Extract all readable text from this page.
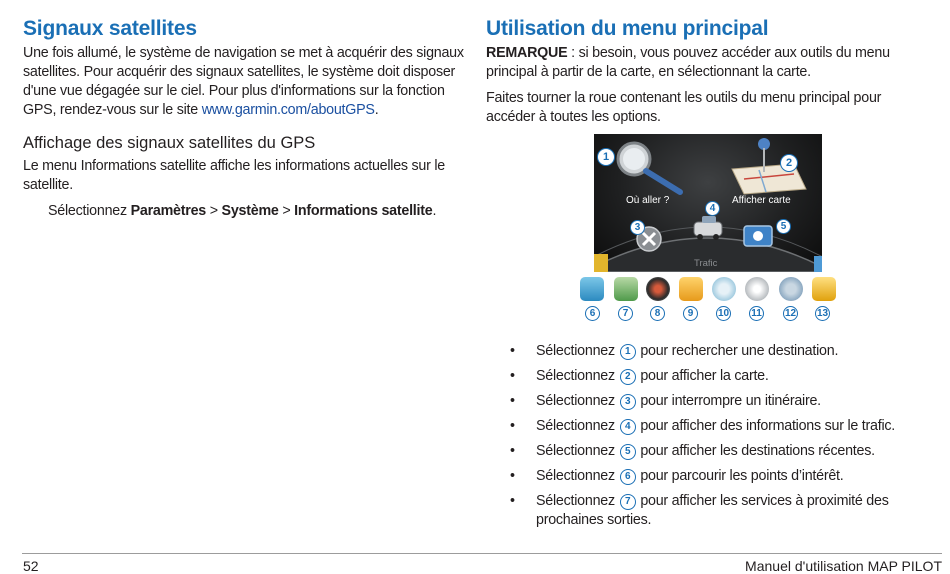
Signaux satellites

Une fois allumé, le système de navigation se met à acquérir des signaux satellites. Pour acquérir des signaux satellites, le système doit disposer d'une vue dégagée sur le ciel. Pour plus d'informations sur la fonction GPS, rendez-vous sur le site www.garmin.com/aboutGPS.

Affichage des signaux satellites du GPS

Le menu Informations satellite affiche les informations actuelles sur le satellite.

Sélectionnez Paramètres > Système > Informations satellite.

Utilisation du menu principal

REMARQUE : si besoin, vous pouvez accéder aux outils du menu principal à partir de la carte, en sélectionnant la carte.

Faites tourner la roue contenant les outils du menu principal pour accéder à toutes les options.

Où aller ?	Afficher carte
Trafic
1	2
3
4
5
6	7	8	9	10 11 12 13
• Sélectionnez 1 pour rechercher une destination.
• Sélectionnez 2 pour afficher la carte.
• Sélectionnez 3 pour interrompre un itinéraire.
• Sélectionnez 4 pour afficher des informations sur le trafic.
• Sélectionnez 5 pour afficher les destinations récentes.
• Sélectionnez 6 pour parcourir les points d’intérêt.
• Sélectionnez 7 pour afficher les services à proximité des prochaines sorties.
52	Manuel d'utilisation MAP PILOT
